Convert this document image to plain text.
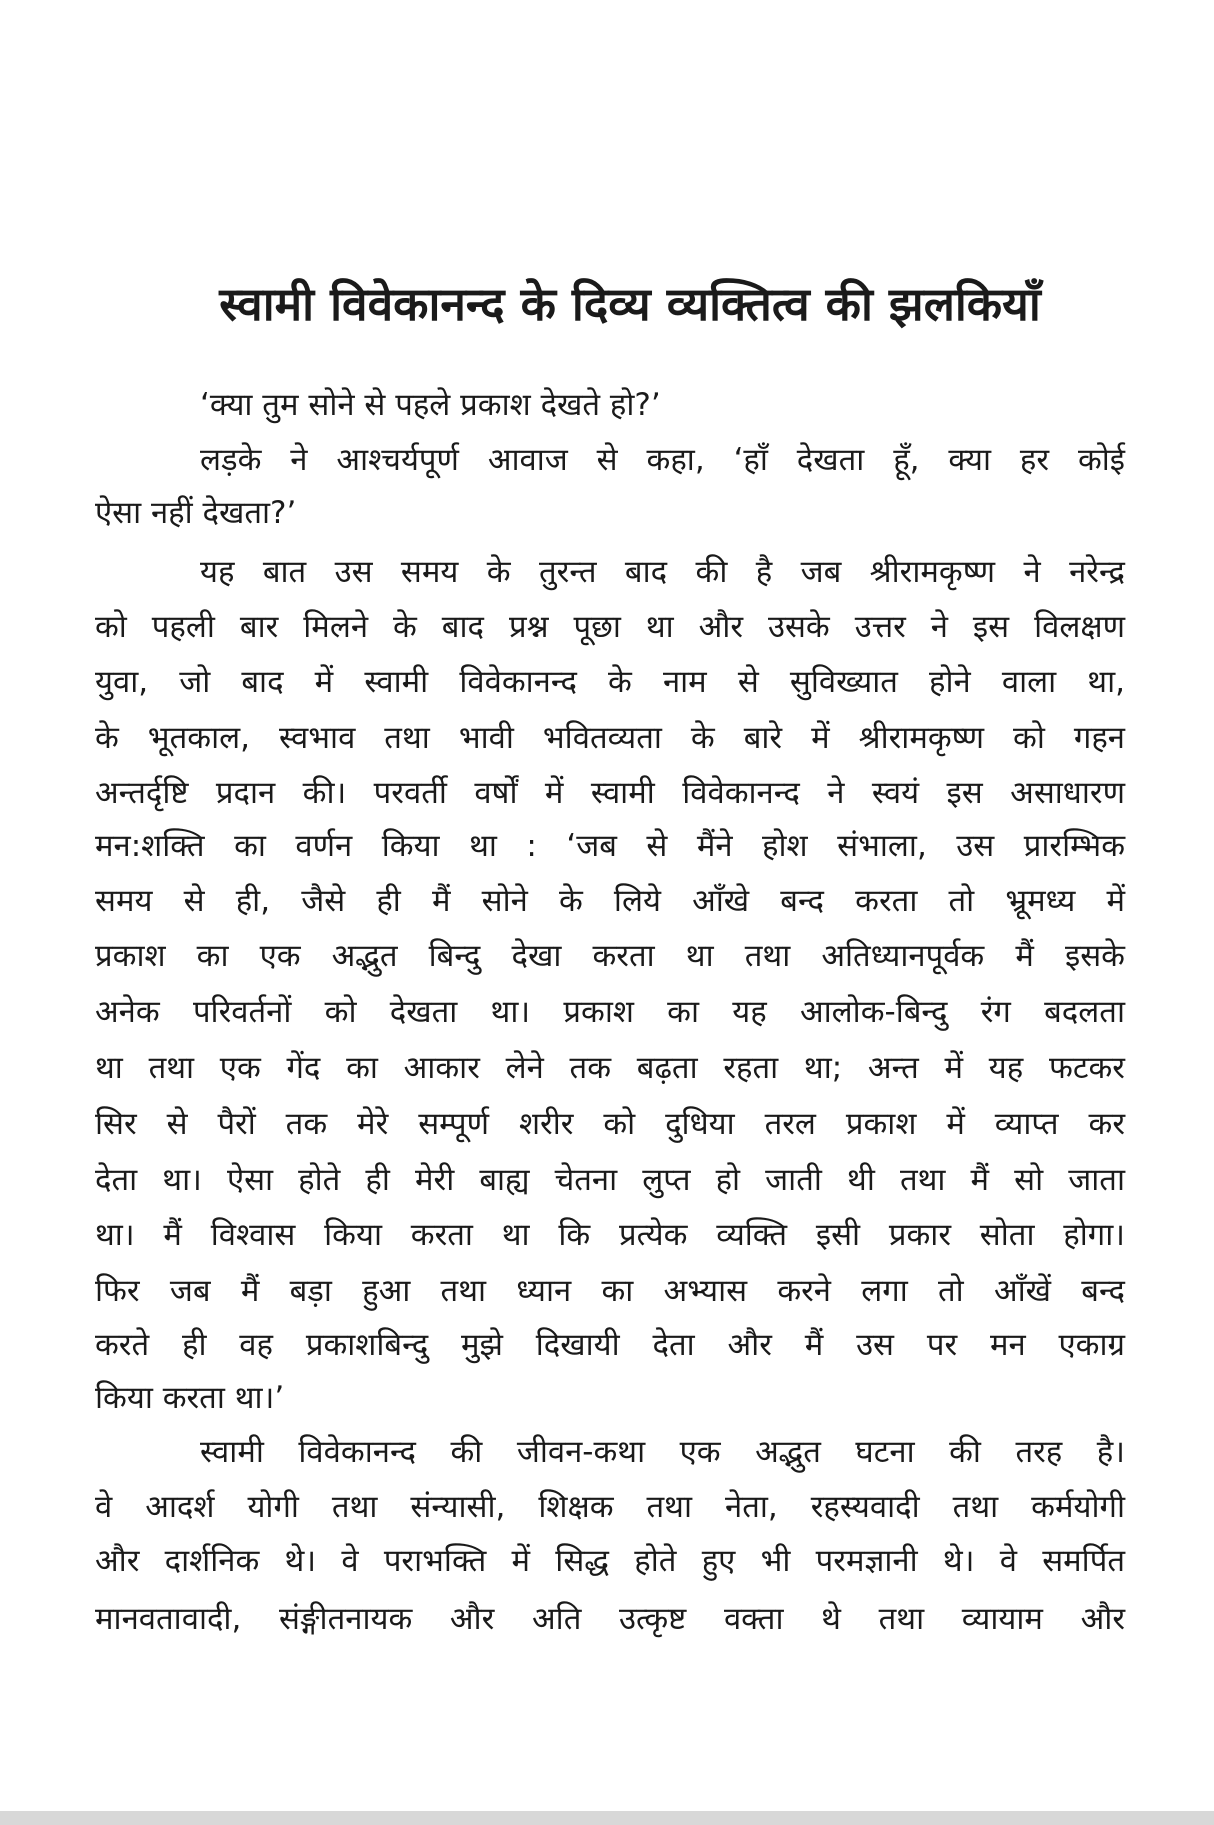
स्वामी विवेकानन्द के दिव्य व्यक्तित्व की झलकियाँ
‘क्या तुम सोने से पहले प्रकाश देखते हो?’
लड़के ने आश्चर्यपूर्ण आवाज से कहा, ‘हाँ देखता हूँ, क्या हर कोई
ऐसा नहीं देखता?’
यह बात उस समय के तुरन्त बाद की है जब श्रीरामकृष्ण ने नरेन्द्र
को पहली बार मिलने के बाद प्रश्न पूछा था और उसके उत्तर ने इस विलक्षण
युवा, जो बाद में स्वामी विवेकानन्द के नाम से सुविख्यात होने वाला था,
के भूतकाल, स्वभाव तथा भावी भवितव्यता के बारे में श्रीरामकृष्ण को गहन
अन्तर्दृष्टि प्रदान की। परवर्ती वर्षों में स्वामी विवेकानन्द ने स्वयं इस असाधारण
मन:शक्ति का वर्णन किया था : ‘जब से मैंने होश संभाला, उस प्रारम्भिक
समय से ही, जैसे ही मैं सोने के लिये आँखे बन्द करता तो भ्रूमध्य में
प्रकाश का एक अद्भुत बिन्दु देखा करता था तथा अतिध्यानपूर्वक मैं इसके
अनेक परिवर्तनों को देखता था। प्रकाश का यह आलोक-बिन्दु रंग बदलता
था तथा एक गेंद का आकार लेने तक बढ़ता रहता था; अन्त में यह फटकर
सिर से पैरों तक मेरे सम्पूर्ण शरीर को दुधिया तरल प्रकाश में व्याप्त कर
देता था। ऐसा होते ही मेरी बाह्य चेतना लुप्त हो जाती थी तथा मैं सो जाता
था। मैं विश्वास किया करता था कि प्रत्येक व्यक्ति इसी प्रकार सोता होगा।
फिर जब मैं बड़ा हुआ तथा ध्यान का अभ्यास करने लगा तो आँखें बन्द
करते ही वह प्रकाशबिन्दु मुझे दिखायी देता और मैं उस पर मन एकाग्र
किया करता था।’
स्वामी विवेकानन्द की जीवन-कथा एक अद्भुत घटना की तरह है।
वे आदर्श योगी तथा संन्यासी, शिक्षक तथा नेता, रहस्यवादी तथा कर्मयोगी
और दार्शनिक थे। वे पराभक्ति में सिद्ध होते हुए भी परमज्ञानी थे। वे समर्पित
मानवतावादी, संङ्गीतनायक और अति उत्कृष्ट वक्ता थे तथा व्यायाम और
